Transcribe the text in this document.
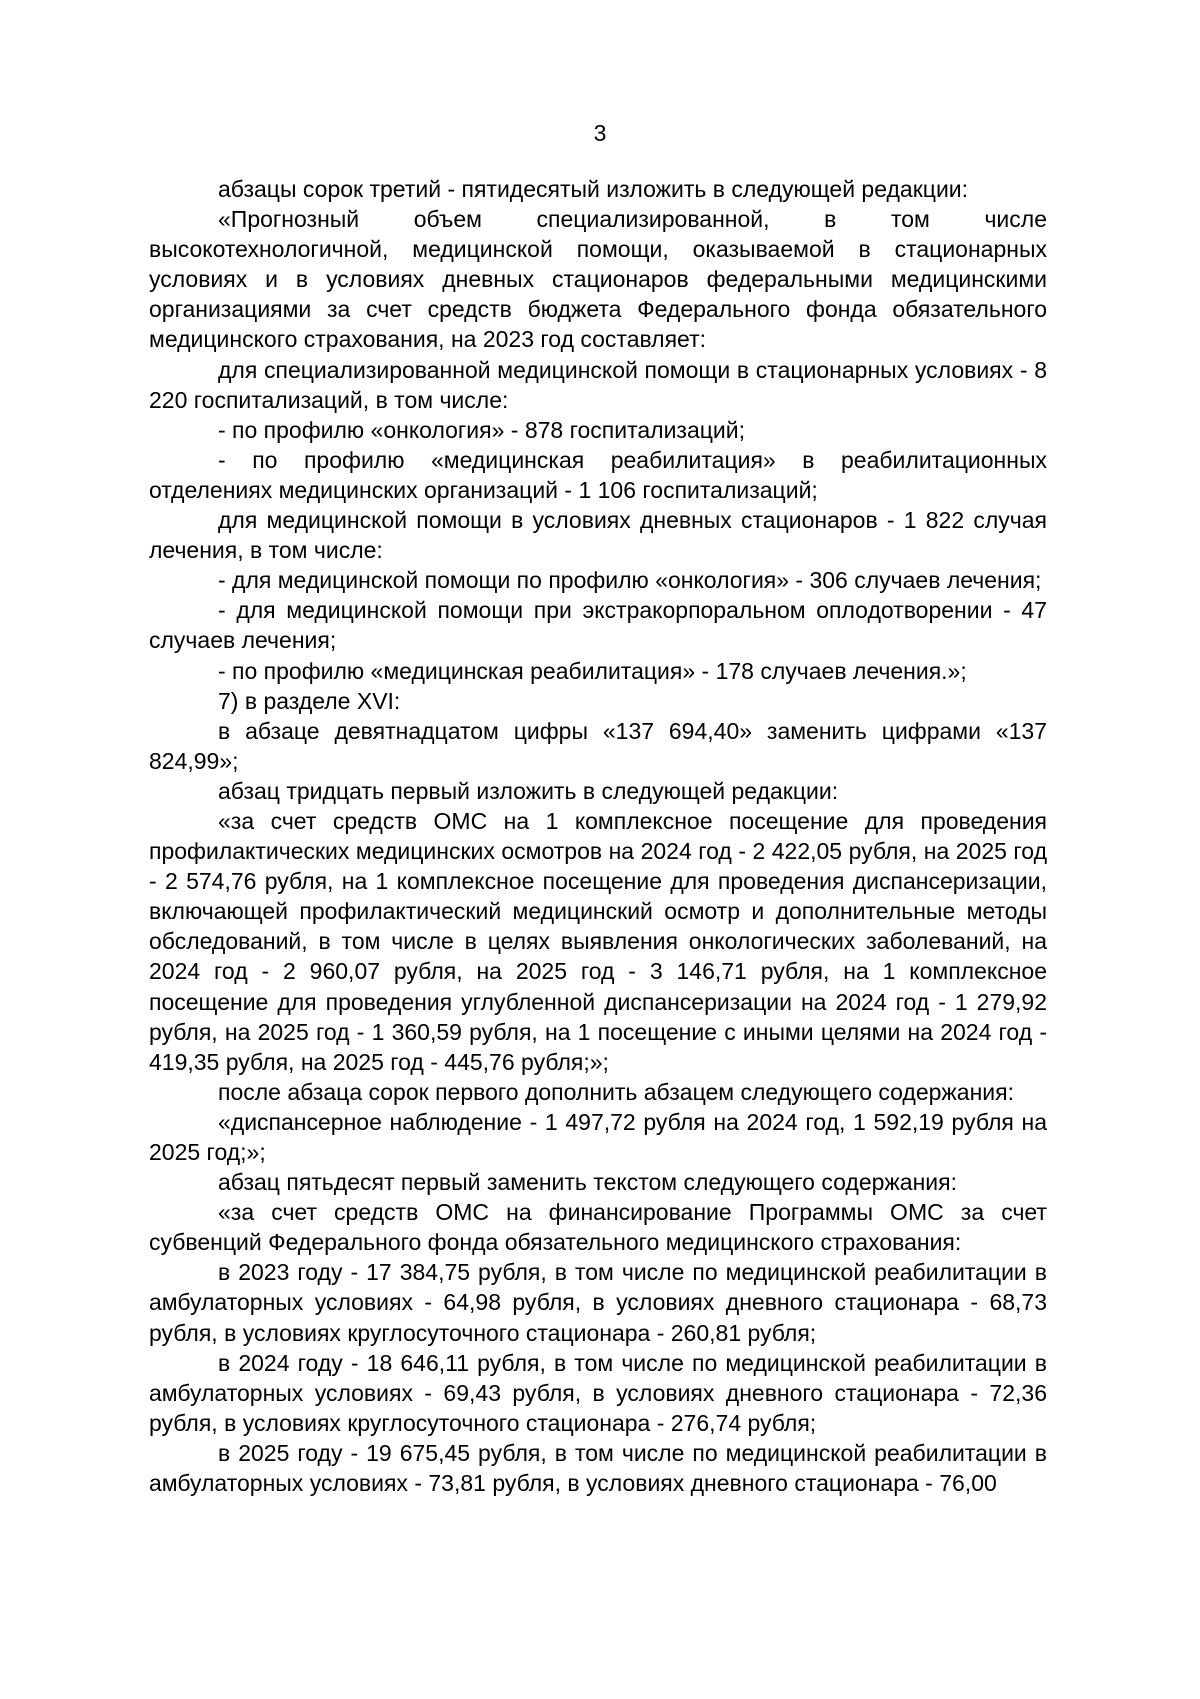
3

абзацы сорок третий - пятидесятый изложить в следующей редакции:

«Прогнозный объем специализированной, в том числе высокотехнологичной, медицинской помощи, оказываемой в стационарных условиях и в условиях дневных стационаров федеральными медицинскими организациями за счет средств бюджета Федерального фонда обязательного медицинского страхования, на 2023 год составляет:

для специализированной медицинской помощи в стационарных условиях - 8 220 госпитализаций, в том числе:

- по профилю «онкология» - 878 госпитализаций;

- по профилю «медицинская реабилитация» в реабилитационных отделениях медицинских организаций - 1 106 госпитализаций;

для медицинской помощи в условиях дневных стационаров - 1 822 случая лечения, в том числе:

- для медицинской помощи по профилю «онкология» - 306 случаев лечения;

- для медицинской помощи при экстракорпоральном оплодотворении - 47 случаев лечения;

- по профилю «медицинская реабилитация» - 178 случаев лечения.»;

7) в разделе XVI:

в абзаце девятнадцатом цифры «137 694,40» заменить цифрами «137 824,99»;

абзац тридцать первый изложить в следующей редакции:

«за счет средств ОМС на 1 комплексное посещение для проведения профилактических медицинских осмотров на 2024 год - 2 422,05 рубля, на 2025 год - 2 574,76 рубля, на 1 комплексное посещение для проведения диспансеризации, включающей профилактический медицинский осмотр и дополнительные методы обследований, в том числе в целях выявления онкологических заболеваний, на 2024 год - 2 960,07 рубля, на 2025 год - 3 146,71 рубля, на 1 комплексное посещение для проведения углубленной диспансеризации на 2024 год - 1 279,92 рубля, на 2025 год - 1 360,59 рубля, на 1 посещение с иными целями на 2024 год - 419,35 рубля, на 2025 год - 445,76 рубля;»;

после абзаца сорок первого дополнить абзацем следующего содержания:

«диспансерное наблюдение - 1 497,72 рубля на 2024 год, 1 592,19 рубля на 2025 год;»;

абзац пятьдесят первый заменить текстом следующего содержания:

«за счет средств ОМС на финансирование Программы ОМС за счет субвенций Федерального фонда обязательного медицинского страхования:

в 2023 году - 17 384,75 рубля, в том числе по медицинской реабилитации в амбулаторных условиях - 64,98 рубля, в условиях дневного стационара - 68,73 рубля, в условиях круглосуточного стационара - 260,81 рубля;

в 2024 году - 18 646,11 рубля, в том числе по медицинской реабилитации в амбулаторных условиях - 69,43 рубля, в условиях дневного стационара - 72,36 рубля, в условиях круглосуточного стационара - 276,74 рубля;

в 2025 году - 19 675,45 рубля, в том числе по медицинской реабилитации в амбулаторных условиях - 73,81 рубля, в условиях дневного стационара - 76,00
